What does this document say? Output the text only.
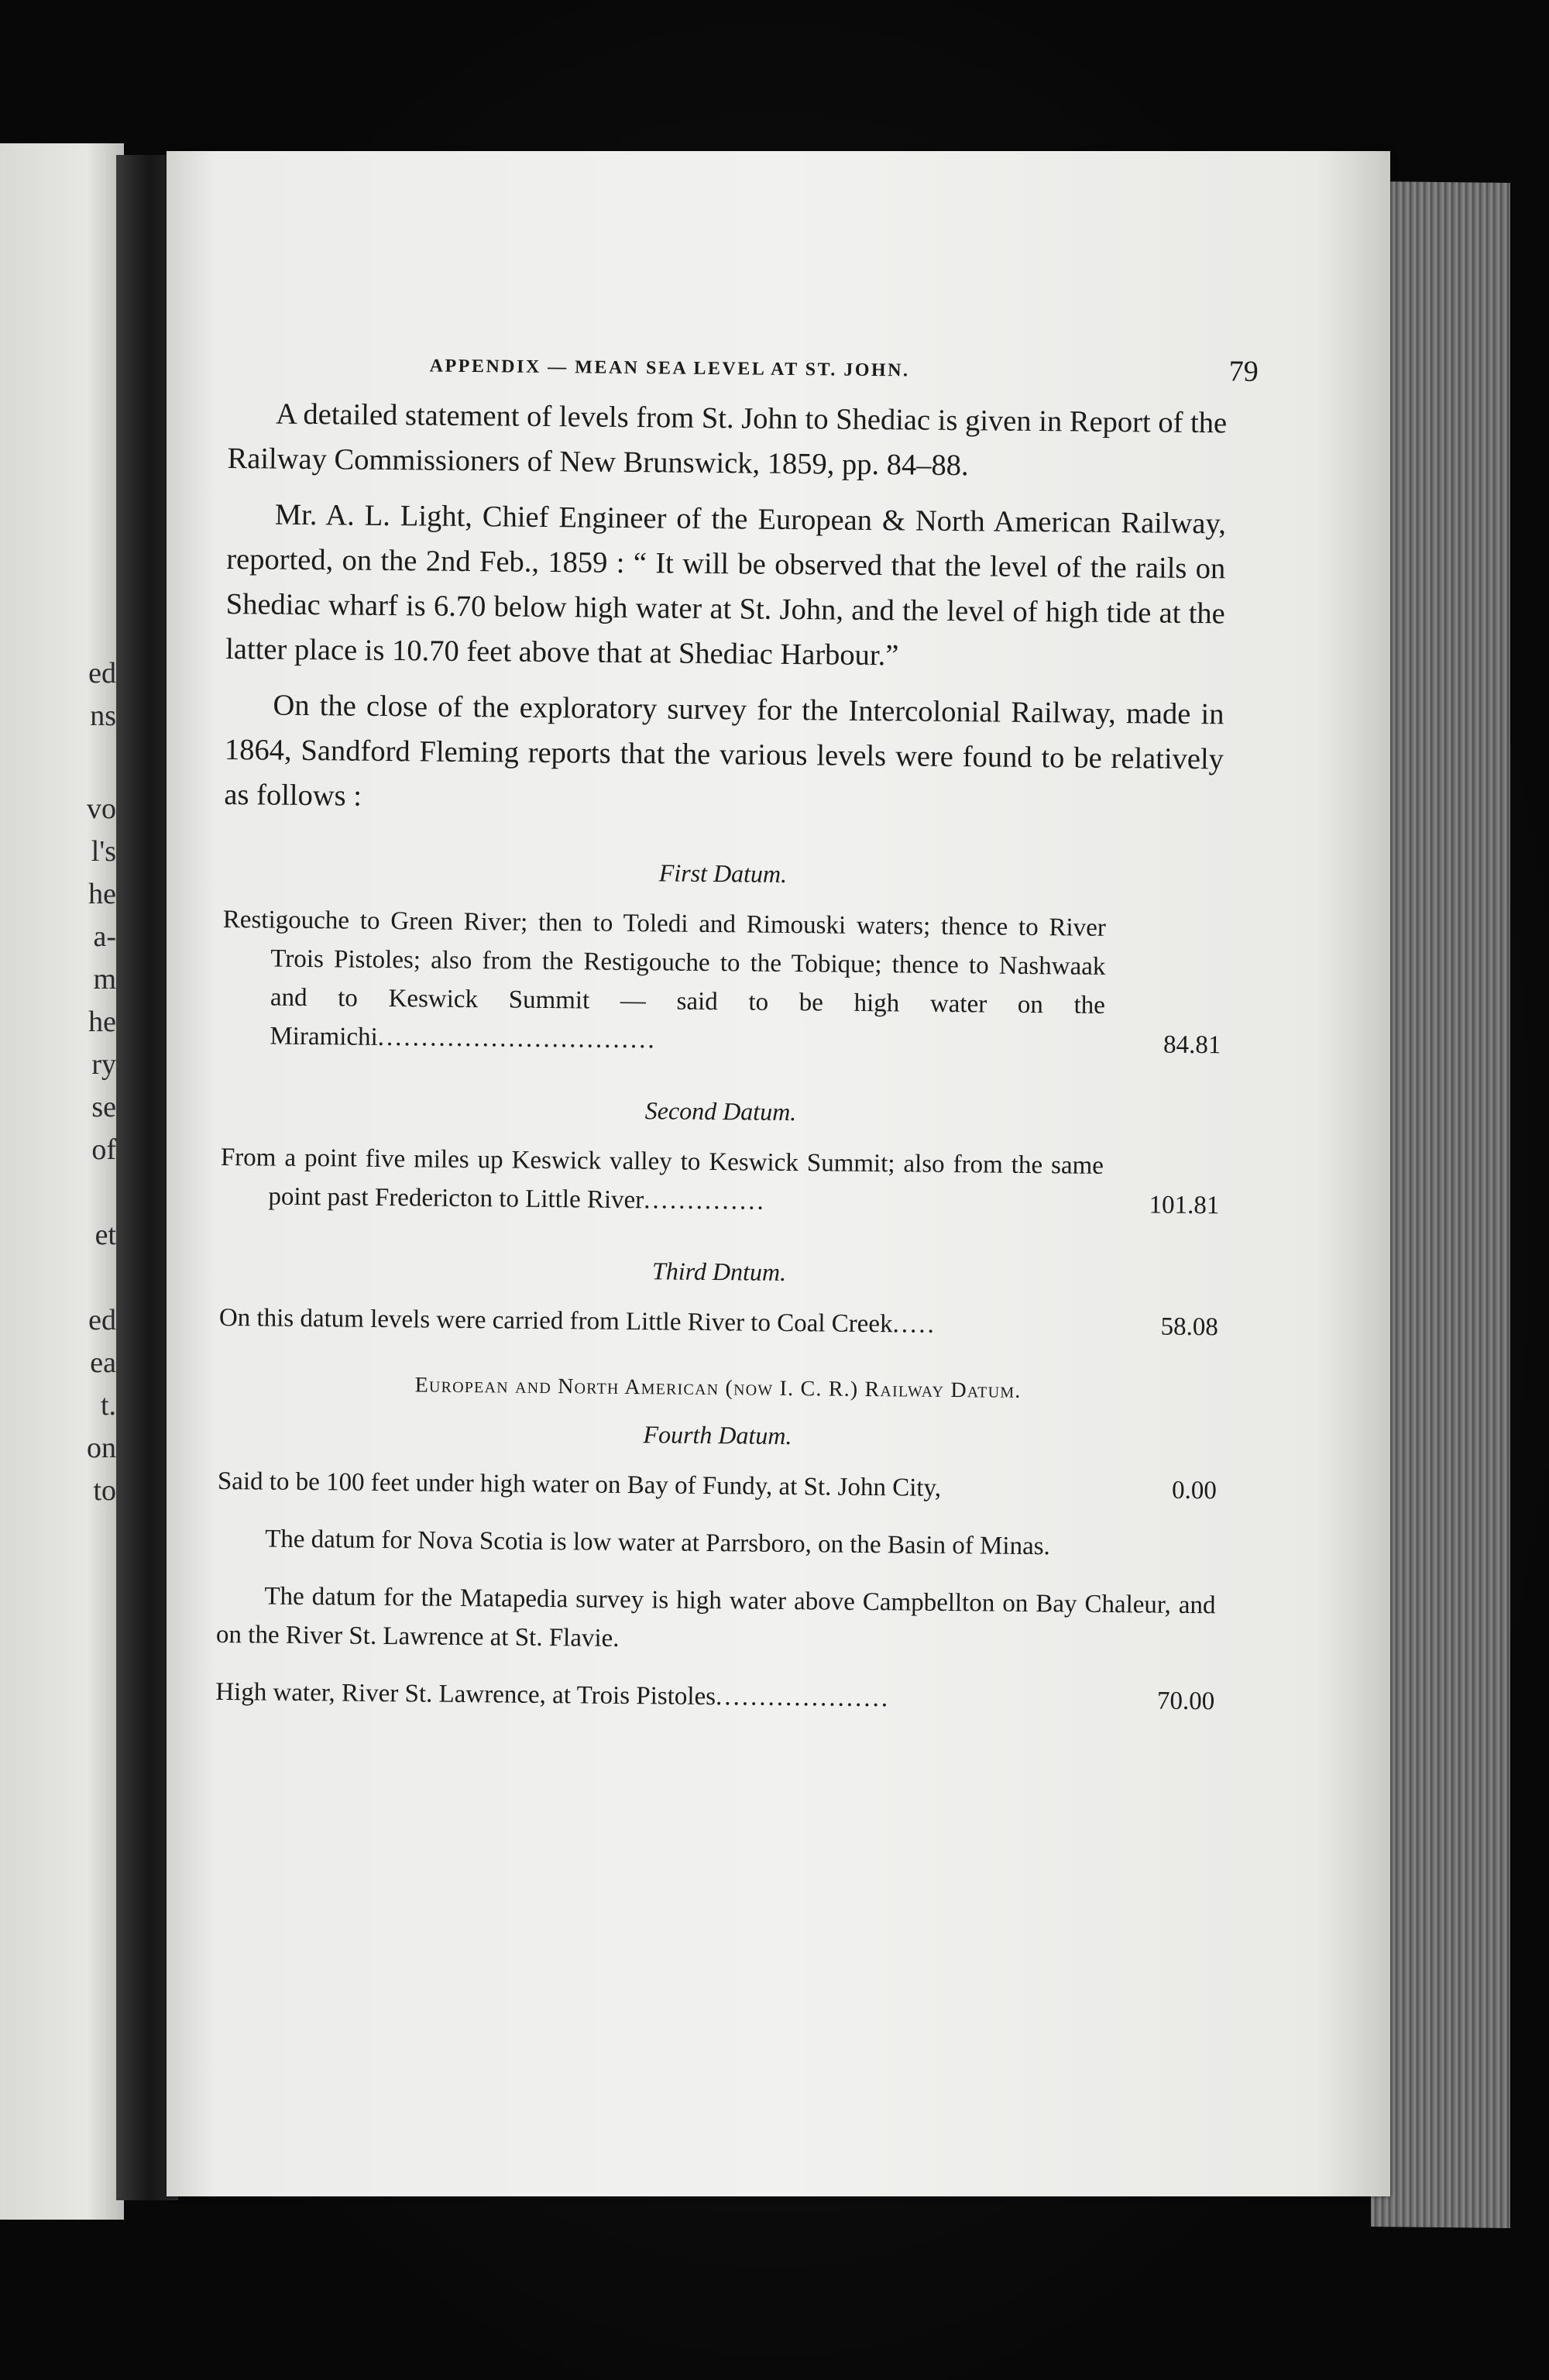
ed
ns
vo
l's
he
a-
m
he
ry
se
of
et
ed
ea
t.
on
to
APPENDIX — MEAN SEA LEVEL AT ST. JOHN.	79

A detailed statement of levels from St. John to Shediac is given in Report of the Railway Commissioners of New Brunswick, 1859, pp. 84–88.

Mr. A. L. Light, Chief Engineer of the European & North American Railway, reported, on the 2nd Feb., 1859 : “ It will be observed that the level of the rails on Shediac wharf is 6.70 below high water at St. John, and the level of high tide at the latter place is 10.70 feet above that at Shediac Harbour.”

On the close of the exploratory survey for the Intercolonial Railway, made in 1864, Sandford Fleming reports that the various levels were found to be relatively as follows :

First Datum.
Restigouche to Green River; then to Toledi and Rimouski waters; thence to River Trois Pistoles; also from the Restigouche to the Tobique; thence to Nashwaak and to Keswick Summit — said to be high water on the Miramichi................................	84.81
Second Datum.
From a point five miles up Keswick valley to Keswick Summit; also from the same point past Fredericton to Little River..............	101.81
Third Dntum.
On this datum levels were carried from Little River to Coal Creek.....	58.08
European and North American (now I. C. R.) Railway Datum.
Fourth Datum.
Said to be 100 feet under high water on Bay of Fundy, at St. John City,	0.00

The datum for Nova Scotia is low water at Parrsboro, on the Basin of Minas.

The datum for the Matapedia survey is high water above Campbellton on Bay Chaleur, and on the River St. Lawrence at St. Flavie.

High water, River St. Lawrence, at Trois Pistoles....................	70.00
